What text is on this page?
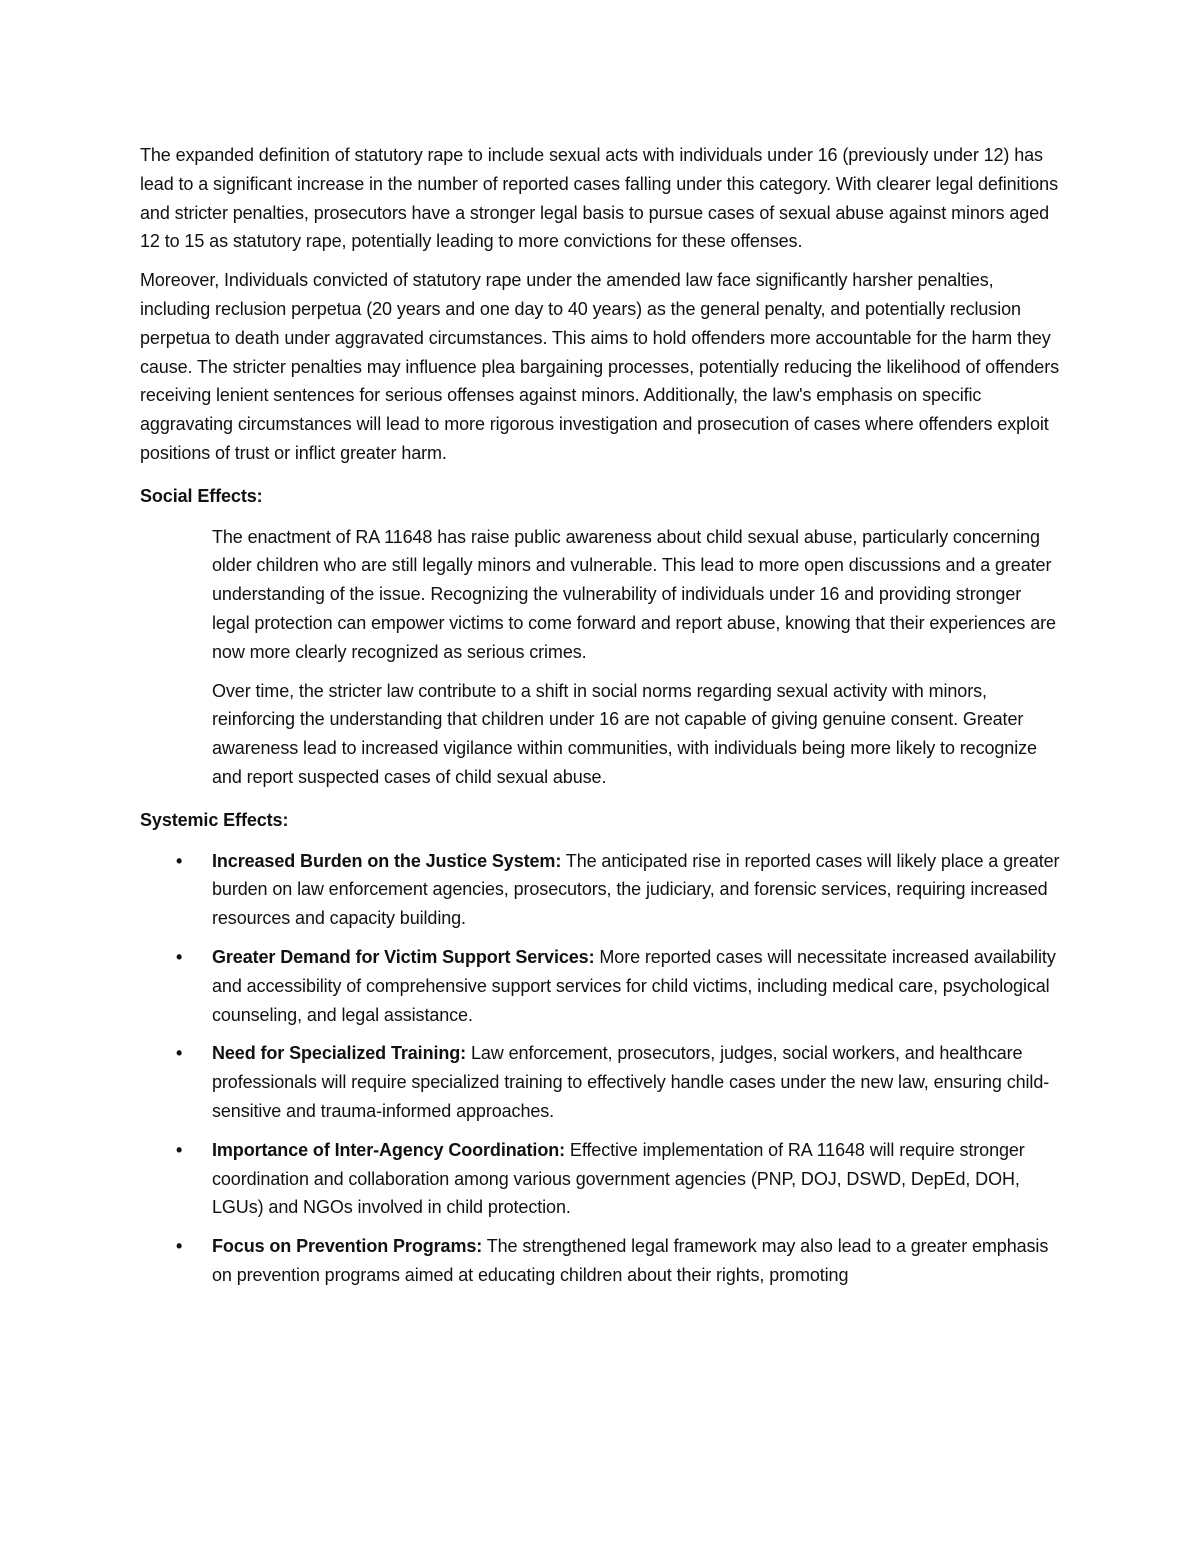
The expanded definition of statutory rape to include sexual acts with individuals under 16 (previously under 12) has lead to a significant increase in the number of reported cases falling under this category. With clearer legal definitions and stricter penalties, prosecutors have a stronger legal basis to pursue cases of sexual abuse against minors aged 12 to 15 as statutory rape, potentially leading to more convictions for these offenses.

Moreover, Individuals convicted of statutory rape under the amended law face significantly harsher penalties, including reclusion perpetua (20 years and one day to 40 years) as the general penalty, and potentially reclusion perpetua to death under aggravated circumstances. This aims to hold offenders more accountable for the harm they cause. The stricter penalties may influence plea bargaining processes, potentially reducing the likelihood of offenders receiving lenient sentences for serious offenses against minors. Additionally, the law's emphasis on specific aggravating circumstances will lead to more rigorous investigation and prosecution of cases where offenders exploit positions of trust or inflict greater harm.

Social Effects:

The enactment of RA 11648 has raise public awareness about child sexual abuse, particularly concerning older children who are still legally minors and vulnerable. This lead to more open discussions and a greater understanding of the issue. Recognizing the vulnerability of individuals under 16 and providing stronger legal protection can empower victims to come forward and report abuse, knowing that their experiences are now more clearly recognized as serious crimes.

Over time, the stricter law contribute to a shift in social norms regarding sexual activity with minors, reinforcing the understanding that children under 16 are not capable of giving genuine consent. Greater awareness lead to increased vigilance within communities, with individuals being more likely to recognize and report suspected cases of child sexual abuse.

Systemic Effects:
• Increased Burden on the Justice System: The anticipated rise in reported cases will likely place a greater burden on law enforcement agencies, prosecutors, the judiciary, and forensic services, requiring increased resources and capacity building.
• Greater Demand for Victim Support Services: More reported cases will necessitate increased availability and accessibility of comprehensive support services for child victims, including medical care, psychological counseling, and legal assistance.
• Need for Specialized Training: Law enforcement, prosecutors, judges, social workers, and healthcare professionals will require specialized training to effectively handle cases under the new law, ensuring child-sensitive and trauma-informed approaches.
• Importance of Inter-Agency Coordination: Effective implementation of RA 11648 will require stronger coordination and collaboration among various government agencies (PNP, DOJ, DSWD, DepEd, DOH, LGUs) and NGOs involved in child protection.
• Focus on Prevention Programs: The strengthened legal framework may also lead to a greater emphasis on prevention programs aimed at educating children about their rights, promoting
